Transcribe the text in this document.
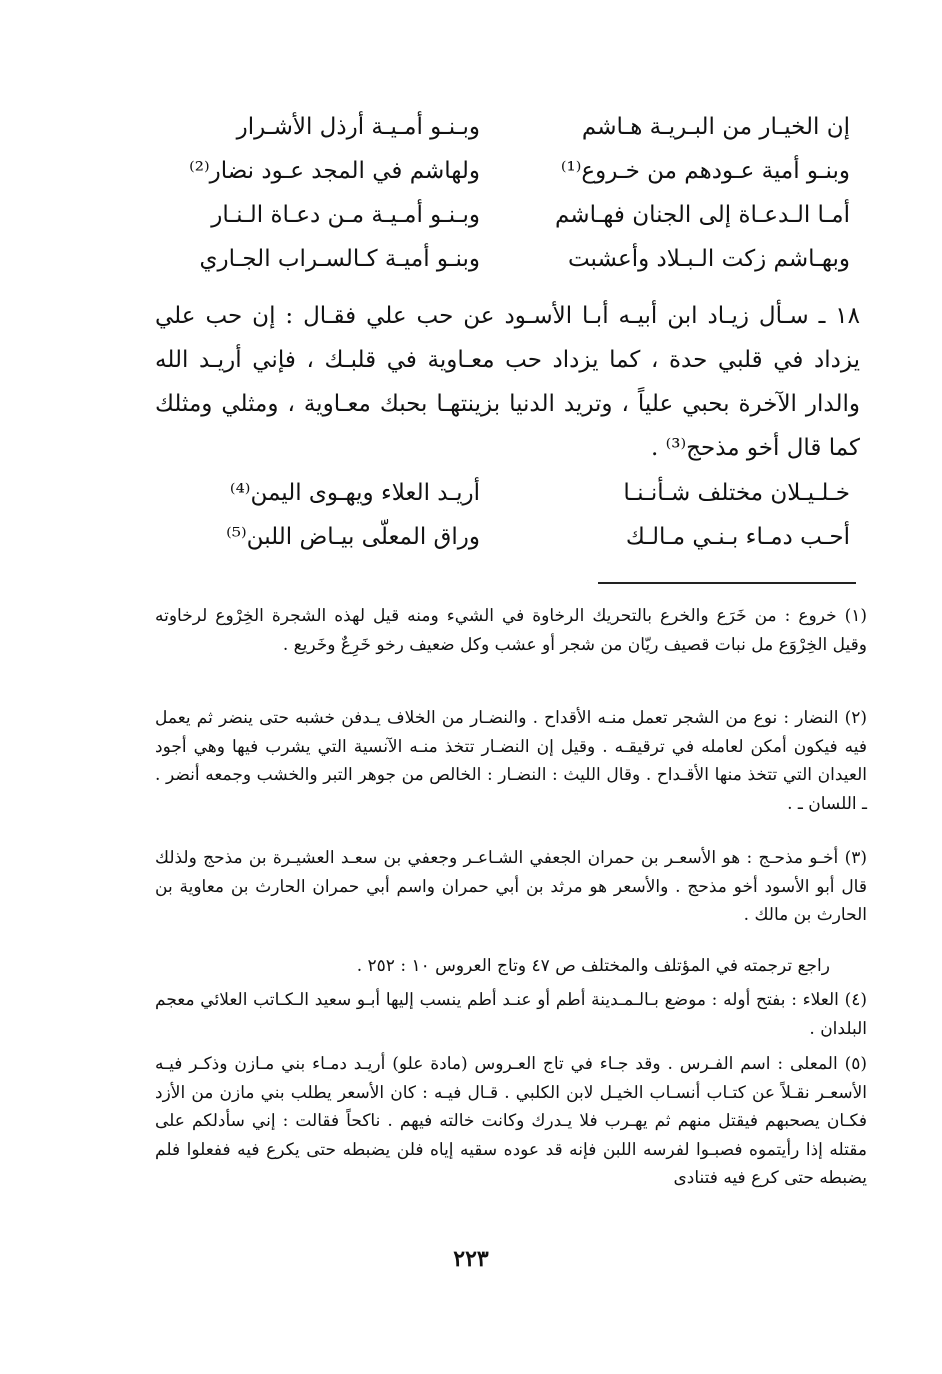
إن الخيـار من البـريـة هـاشم
وبـنـو أمـيـة أرذل الأشـرار
وبنـو أمية عـودهم من خـروع⁽¹⁾
ولهاشم في المجد عـود نضار⁽²⁾
أمـا الـدعـاة إلى الجنان فهـاشم
وبـنـو أمـيـة مـن دعـاة الـنـار
وبهـاشم زكت الـبـلاد وأعشبت
وبنـو أميـة كـالسـراب الجـاري
١٨ ـ سـأل زيـاد ابن أبيـه أبـا الأسـود عن حب علي فقـال : إن حب علي يزداد في قلبي حدة ، كما يزداد حب معـاوية في قلبـك ، فإني أريـد الله والدار الآخرة بحبي علياً ، وتريد الدنيا بزينتهـا بحبك معـاوية ، ومثلي ومثلك كما قال أخو مذحج⁽³⁾ .
خـلـيـلان مختلف شـأنـنـا
أريـد العلاء ويهـوى اليمن⁽⁴⁾
أحـب دمـاء بـنـي مـالـك
وراق المعلّى بيـاض اللبن⁽⁵⁾
(١) خروع : من خَرَع والخرع بالتحريك الرخاوة في الشيء ومنه قيل لهذه الشجرة الخِرْوع لرخاوته وقيل الخِرْوَع مل نبات قصيف ريّان من شجر أو عشب وكل ضعيف رخو خَرِعٌ وخَريع .
(٢) النضار : نوع من الشجر تعمل منـه الأقداح . والنضـار من الخلاف يـدفن خشبه حتى ينضر ثم يعمل فيه فيكون أمكن لعامله في ترقيقـه . وقيل إن النضـار تتخذ منـه الآنسية التي يشرب فيها وهي أجود العيدان التي تتخذ منها الأقـداح . وقال الليث : النضـار : الخالص من جوهر التبر والخشب وجمعه أنضر . ـ اللسان ـ .
(٣) أخـو مذحـج : هو الأسعـر بن حمران الجعفي الشـاعـر وجعفي بن سعـد العشيـرة بن مذحج ولذلك قال أبو الأسود أخو مذحج . والأسعر هو مرثد بن أبي حمران واسم أبي حمران الحارث بن معاوية بن الحارث بن مالك .
راجع ترجمته في المؤتلف والمختلف ص ٤٧ وتاج العروس ١٠ : ٢٥٢ .
(٤) العلاء : بفتح أوله : موضع بـالـمـدينة أطم أو عنـد أطم ينسب إليها أبـو سعيد الـكـاتب العلائي معجم البلدان .
(٥) المعلى : اسم الفـرس . وقد جـاء في تاج العـروس (مادة علو) أريـد دمـاء بني مـازن وذكـر فيـه الأسعـر نقـلاً عن كتـاب أنسـاب الخيـل لابن الكلبي . قـال فيـه : كان الأسعر يطلب بني مازن من الأزد فكـان يصحبهم فيقتل منهم ثم يهـرب فلا يـدرك وكانت خالته فيهم . ناكحاً فقالت : إني سأدلكم على مقتله إذا رأيتموه فصبـوا لفرسه اللبن فإنه قد عوده سقيه إياه فلن يضبطه حتى يكرع فيه ففعلوا فلم يضبطه حتى كرع فيه فتنادى
٢٢٣
